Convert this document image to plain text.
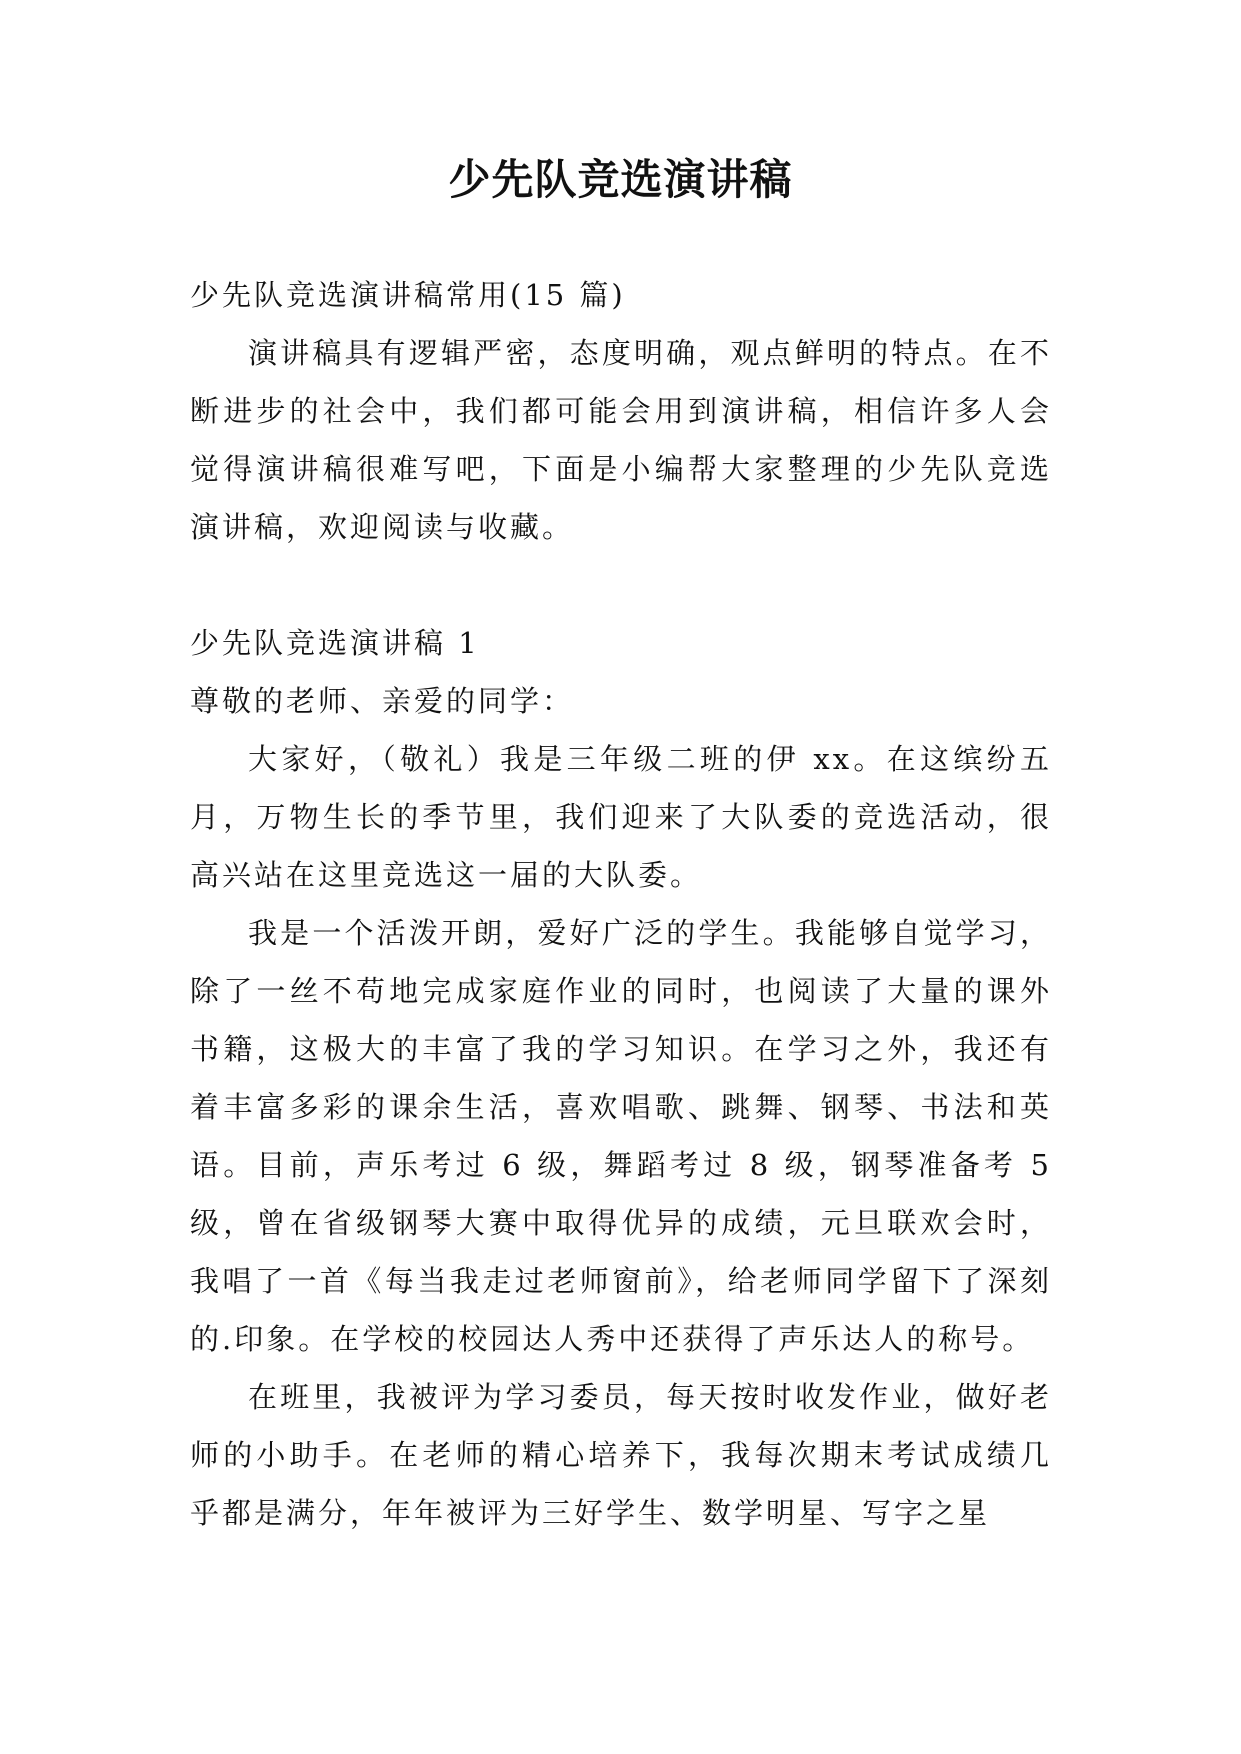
少先队竞选演讲稿

少先队竞选演讲稿常用(15 篇)

演讲稿具有逻辑严密，态度明确，观点鲜明的特点。在不断进步的社会中，我们都可能会用到演讲稿，相信许多人会觉得演讲稿很难写吧，下面是小编帮大家整理的少先队竞选演讲稿，欢迎阅读与收藏。

少先队竞选演讲稿 1

尊敬的老师、亲爱的同学：

大家好，（敬礼）我是三年级二班的伊 xx。在这缤纷五月，万物生长的季节里，我们迎来了大队委的竞选活动，很高兴站在这里竞选这一届的大队委。

我是一个活泼开朗，爱好广泛的学生。我能够自觉学习，除了一丝不苟地完成家庭作业的同时，也阅读了大量的课外书籍，这极大的丰富了我的学习知识。在学习之外，我还有着丰富多彩的课余生活，喜欢唱歌、跳舞、钢琴、书法和英语。目前，声乐考过 6 级，舞蹈考过 8 级，钢琴准备考 5 级，曾在省级钢琴大赛中取得优异的成绩，元旦联欢会时，我唱了一首《每当我走过老师窗前》，给老师同学留下了深刻的.印象。在学校的校园达人秀中还获得了声乐达人的称号。

在班里，我被评为学习委员，每天按时收发作业，做好老师的小助手。在老师的精心培养下，我每次期末考试成绩几乎都是满分，年年被评为三好学生、数学明星、写字之星
